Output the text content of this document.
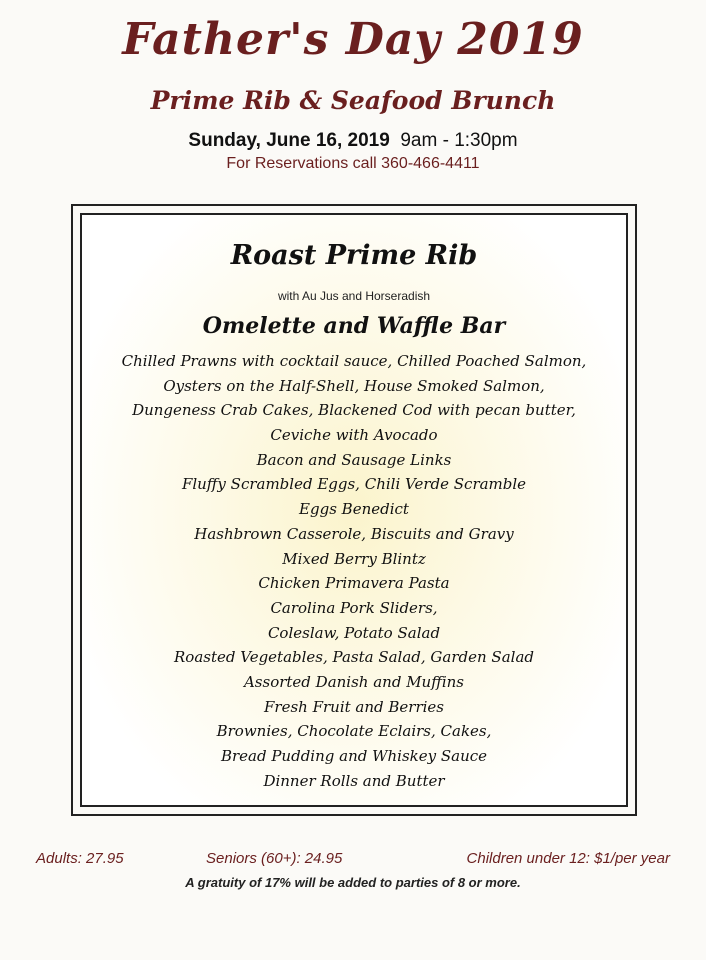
Father's Day 2019
Prime Rib & Seafood Brunch
Sunday, June 16, 2019 9am - 1:30pm
For Reservations call 360-466-4411
Roast Prime Rib
with Au Jus and Horseradish
Omelette and Waffle Bar
Chilled Prawns with cocktail sauce, Chilled Poached Salmon,
Oysters on the Half-Shell, House Smoked Salmon,
Dungeness Crab Cakes, Blackened Cod with pecan butter,
Ceviche with Avocado
Bacon and Sausage Links
Fluffy Scrambled Eggs, Chili Verde Scramble
Eggs Benedict
Hashbrown Casserole, Biscuits and Gravy
Mixed Berry Blintz
Chicken Primavera Pasta
Carolina Pork Sliders,
Coleslaw, Potato Salad
Roasted Vegetables, Pasta Salad, Garden Salad
Assorted Danish and Muffins
Fresh Fruit and Berries
Brownies, Chocolate Eclairs, Cakes,
Bread Pudding and Whiskey Sauce
Dinner Rolls and Butter
Adults: 27.95	Seniors (60+): 24.95	Children under 12: $1/per year
A gratuity of 17% will be added to parties of 8 or more.
